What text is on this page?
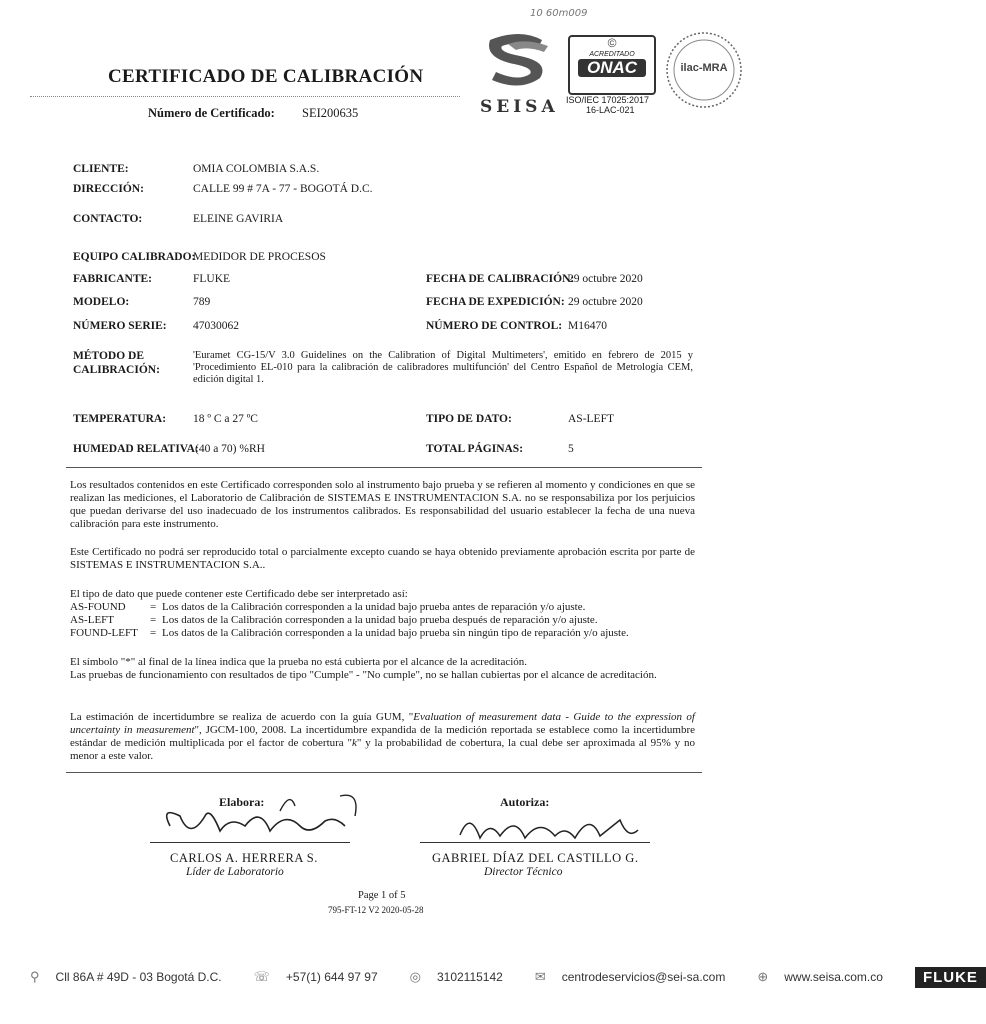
10 60m009
CERTIFICADO DE CALIBRACIÓN
Número de Certificado: SEI200635	SEISA
©
ACREDITADO
ONAC
ISO/IEC 17025:2017
16-LAC-021
ilac-MRA
CLIENTE:	OMIA COLOMBIA S.A.S.
DIRECCIÓN:	CALLE 99 # 7A - 77 - BOGOTÁ D.C.
CONTACTO:	ELEINE GAVIRIA
EQUIPO CALIBRADO:
MEDIDOR DE PROCESOS
FABRICANTE:	FLUKE
MODELO:	789
NÚMERO SERIE: 47030062
FECHA DE CALIBRACIÓN:
29 octubre 2020
FECHA DE EXPEDICIÓN: 29 octubre 2020
NÚMERO DE CONTROL: M16470
MÉTODO DE
CALIBRACIÓN:
'Euramet CG-15/V 3.0 Guidelines on the Calibration of Digital Multimeters', emitido en febrero de 2015 y 'Procedimiento EL-010 para la calibración de calibradores multifunción' del Centro Español de Metrología CEM, edición digital 1.
TEMPERATURA: 18 º C a 27 ºC	TIPO DE DATO:	AS-LEFT
HUMEDAD RELATIVA:
(40 a 70) %RH	TOTAL PÁGINAS:	5
Los resultados contenidos en este Certificado corresponden solo al instrumento bajo prueba y se refieren al momento y condiciones en que se realizan las mediciones, el Laboratorio de Calibración de SISTEMAS E INSTRUMENTACION S.A. no se responsabiliza por los perjuicios que puedan derivarse del uso inadecuado de los instrumentos calibrados. Es responsabilidad del usuario establecer la fecha de una nueva calibración para este instrumento.
Este Certificado no podrá ser reproducido total o parcialmente excepto cuando se haya obtenido previamente aprobación escrita por parte de SISTEMAS E INSTRUMENTACION S.A..
El tipo de dato que puede contener este Certificado debe ser interpretado así:
AS-FOUND	= Los datos de la Calibración corresponden a la unidad bajo prueba antes de reparación y/o ajuste.
AS-LEFT	= Los datos de la Calibración corresponden a la unidad bajo prueba después de reparación y/o ajuste.
FOUND-LEFT	= Los datos de la Calibración corresponden a la unidad bajo prueba sin ningún tipo de reparación y/o ajuste.
El símbolo "*" al final de la línea indica que la prueba no está cubierta por el alcance de la acreditación.
Las pruebas de funcionamiento con resultados de tipo "Cumple" - "No cumple", no se hallan cubiertas por el alcance de acreditación.
La estimación de incertidumbre se realiza de acuerdo con la guía GUM, "Evaluation of measurement data - Guide to the expression of uncertainty in measurement", JGCM-100, 2008. La incertidumbre expandida de la medición reportada se establece como la incertidumbre estándar de medición multiplicada por el factor de cobertura "k" y la probabilidad de cobertura, la cual debe ser aproximada al 95% y no menor a este valor.
Elabora:
CARLOS A. HERRERA S.
Líder de Laboratorio
Autoriza:
GABRIEL DÍAZ DEL CASTILLO G.
Director Técnico
Page 1 of 5
795-FT-12 V2 2020-05-28
⚲ Cll 86A # 49D - 03 Bogotá D.C.	☏ +57(1) 644 97 97	◎ 3102115142	✉ centrodeservicios@sei-sa.com	⊕ www.seisa.com.co	FLUKE
